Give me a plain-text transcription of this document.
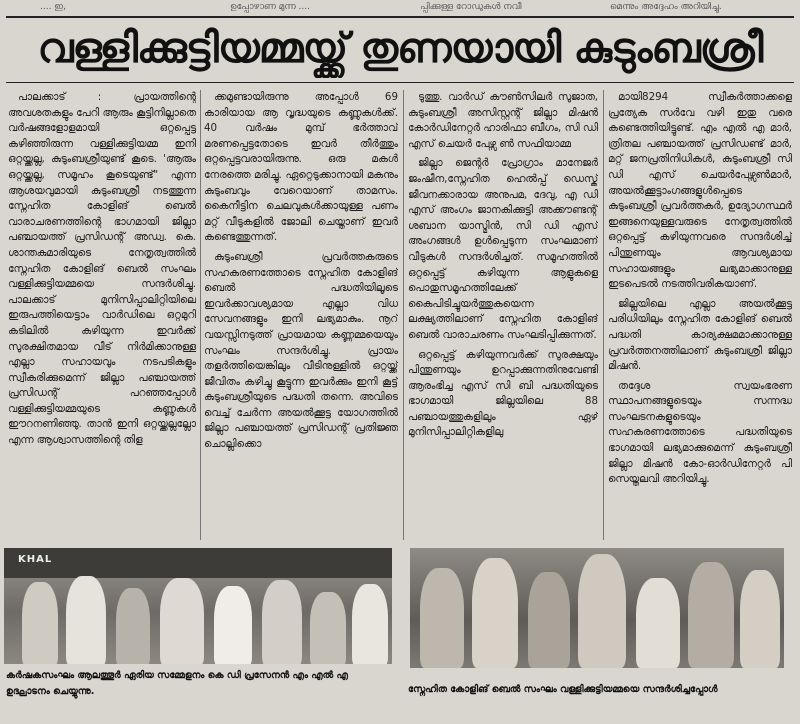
.... ഇ,	ഉപ്പോഴാണ മുന്ന ....	പ്പിക്കുള്ള റോഡുകൾ നവീ	മെന്നും അദ്ദേഹം അറിയിച്ചു.
വള്ളിക്കുട്ടിയമ്മയ്ക്ക് തുണയായി കുടുംബശ്രീ

പാലക്കാട് : പ്രായത്തിന്റെ അവശതകളും പേറി ആരും കൂട്ടിനില്ലാതെ വർഷങ്ങളോളമായി ഒറ്റപ്പെട്ട കഴിഞ്ഞിരുന്ന വള്ളിക്കുട്ടിയമ്മ ഇനി ഒറ്റയ്ക്കല്ല, കുടുംബശ്രീയുണ്ട് കൂടെ. 'ആരും ഒറ്റയ്ക്കല്ല, സമൂഹം കൂടെയുണ്ട്" എന്ന ആശയവുമായി കുടുംബശ്രീ നടത്തുന്ന സ്നേഹിത കോളിങ് ബെൽ വാരാചരണത്തിന്റെ ഭാഗമായി ജില്ലാ പഞ്ചായത്ത് പ്രസിഡന്റ് അഡ്വ. കെ. ശാന്തകുമാരിയുടെ നേതൃത്വത്തിൽ സ്നേഹിത കോളിങ് ബെൽ സംഘം വള്ളിക്കുട്ടിയമ്മയെ സന്ദർശിച്ചു. പാലക്കാട് മുനിസിപ്പാലിറ്റിയിലെ ഇരുപത്തിയെട്ടാം വാർഡിലെ ഒറ്റമുറി കടിലിൽ കഴിയുന്ന ഇവർക്ക് സുരക്ഷിതമായ വീട് നിർമിക്കാനുള്ള എല്ലാ സഹായവും നടപടികളും സ്വീകരിക്കുമെന്ന് ജില്ലാ പഞ്ചായത്ത് പ്രസിഡന്റ് പറഞ്ഞപ്പോൾ വള്ളിക്കുട്ടിയമ്മയുടെ കണ്ണുകൾ ഈറനണിഞ്ഞു. താൻ ഇനി ഒറ്റയ്ക്കല്ലല്ലോ എന്ന ആശ്വാസത്തിന്റെ തിള

ക്കമുണ്ടായിരുന്നു അപ്പോൾ 69 കാരിയായ ആ വൃദ്ധയുടെ കണ്ണുകൾക്ക്. 40 വർഷം മുമ്പ് ഭർത്താവ് മരണപ്പെട്ടതോടെ ഇവർ തീർത്തും ഒറ്റപ്പെട്ടവരായിരുന്നു. ഒരു മകൾ നേരത്തെ മരിച്ചു. ഏറ്റെടുക്കാനായി മകനും കുടുംബവും വേറെയാണ് താമസം. കൈനീട്ടിന ചെലവുകൾക്കായുള്ള പണം മറ്റ് വീടുകളിൽ ജോലി ചെയ്താണ് ഇവർ കണ്ടെത്തുന്നത്.

കുടുംബശ്രീ പ്രവർത്തകരുടെ സഹകരണത്തോടെ സ്നേഹിത കോളിങ് ബെൽ പദ്ധതിയിലൂടെ ഇവർക്കാവശ്യമായ എല്ലാ വിധ സേവനങ്ങളും ഇനി ലഭ്യമാകും. നൂറ് വയസ്സിനടുത്ത് പ്രായമായ കണ്ണമ്മയെയും സംഘം സന്ദർശിച്ചു. പ്രായം തളർത്തിയെങ്കിലും വീടിനുള്ളിൽ ഒറ്റയ്ക്ക് ജീവിതം കഴിച്ചു കൂട്ടുന്ന ഇവർക്കും ഇനി കൂട്ട് കുടുംബശ്രീയുടെ പദ്ധതി തന്നെ. അവിടെ വെച്ച് ചേർന്ന അയൽക്കൂട്ട യോഗത്തിൽ ജില്ലാ പഞ്ചായത്ത് പ്രസിഡന്റ് പ്രതിജ്ഞ ചൊല്ലിക്കൊ

ടുത്തു. വാർഡ് കൗൺസിലർ സുജാത, കുടുംബശ്രീ അസിസ്റ്റന്റ് ജില്ലാ മിഷൻ കോർഡിനേറ്റർ ഹാരിഫാ ബീഗം, സി ഡി എസ് ചെയർ പേഴ്സ ൺ സഫിയാമ്മ

ജില്ലാ ജെന്റർ പ്രോഗ്രാം മാനേജർ ജംഷീന,സ്നേഹിത ഹെൽപ്പ് ഡെസ്ക് ജീവനക്കാരായ അനുപമ, ദേവു, എ ഡി എസ് അംഗം ജാനകിക്കുട്ടി അക്കൗണ്ടന്റ് ശബാന യാസ്മിൻ, സി ഡി എസ് അംഗങ്ങൾ ഉൾപ്പെടുന്ന സംഘമാണ് വീടുകൾ സന്ദർശിച്ചത്. സമൂഹത്തിൽ ഒറ്റപ്പെട്ട് കഴിയുന്ന ആളുകളെ പൊതുസമൂഹത്തിലേക്ക് കൈപിടിച്ചുയർത്തുകയെന്ന ലക്ഷ്യത്തിലാണ് സ്നേഹിത കോളിങ് ബെൽ വാരാചരണം സംഘടിപ്പിക്കുന്നത്.

ഒറ്റപ്പെട്ട് കഴിയുന്നവർക്ക് സുരക്ഷയും പിന്തുണയും ഉറപ്പാക്കുന്നതിനുവേണ്ടി ആരംഭിച്ച എസ് സി ബി പദ്ധതിയുടെ ഭാഗമായി ജില്ലയിലെ 88 പഞ്ചായത്തുകളിലും ഏഴ് മുനിസിപ്പാലിറ്റികളിലു

മായി8294 സ്വീകർത്താക്കളെ പ്രത്യേക സർവേ വഴി ഇതു വരെ കണ്ടെത്തിയിട്ടുണ്ട്. എം എൽ എ മാർ, ത്രിതല പഞ്ചായത്ത് പ്രസിഡണ്ട് മാർ, മറ്റ് ജനപ്രതിനിധികൾ, കുടുംബശ്രീ സി ഡി എസ് ചെയർപേഴ്സൺമാർ, അയൽക്കൂട്ടാംഗങ്ങളുൾപ്പെടെ കുടുംബശ്രീ പ്രവർത്തകർ, ഉദ്യോഗസ്ഥർ ഇങ്ങനെയുള്ളവരുടെ നേതൃത്വത്തിൽ ഒറ്റപ്പെട്ട് കഴിയുന്നവരെ സന്ദർശിച്ച് പിന്തുണയും ആവശ്യമായ സഹായങ്ങളും ലഭ്യമാക്കാനുള്ള ഇടപെടൽ നടത്തിവരികയാണ്.

ജില്ലയിലെ എല്ലാ അയൽക്കൂട്ട പരിധിയിലും സ്നേഹിത കോളിങ് ബെൽ പദ്ധതി കാര്യക്ഷമമാക്കാനുള്ള പ്രവർത്തനത്തിലാണ് കുടുംബശ്രീ ജില്ലാ മിഷൻ.

തദ്ദേശ സ്വയംഭരണ സ്ഥാപനങ്ങളുടെയും സന്നദ്ധ സംഘടനകളുടെയും സഹകരണത്തോടെ പദ്ധതിയുടെ ഭാഗമായി ലഭ്യമാക്കുമെന്ന് കുടുംബശ്രീ ജില്ലാ മിഷൻ കോ-ഓർഡിനേറ്റർ പി സെയ്തലവി അറിയിച്ചു.

KHAL
കർഷകസംഘം ആലത്തൂർ ഏരിയ സമ്മേളനം കെ ഡി പ്രസേനൻ എം എൽ എ ഉദ്ഘാടനം ചെയ്യുന്നു.	സ്നേഹിത കോളിങ് ബെൽ സംഘം വള്ളിക്കുട്ടിയമ്മയെ സന്ദർശിച്ചപ്പോൾ
